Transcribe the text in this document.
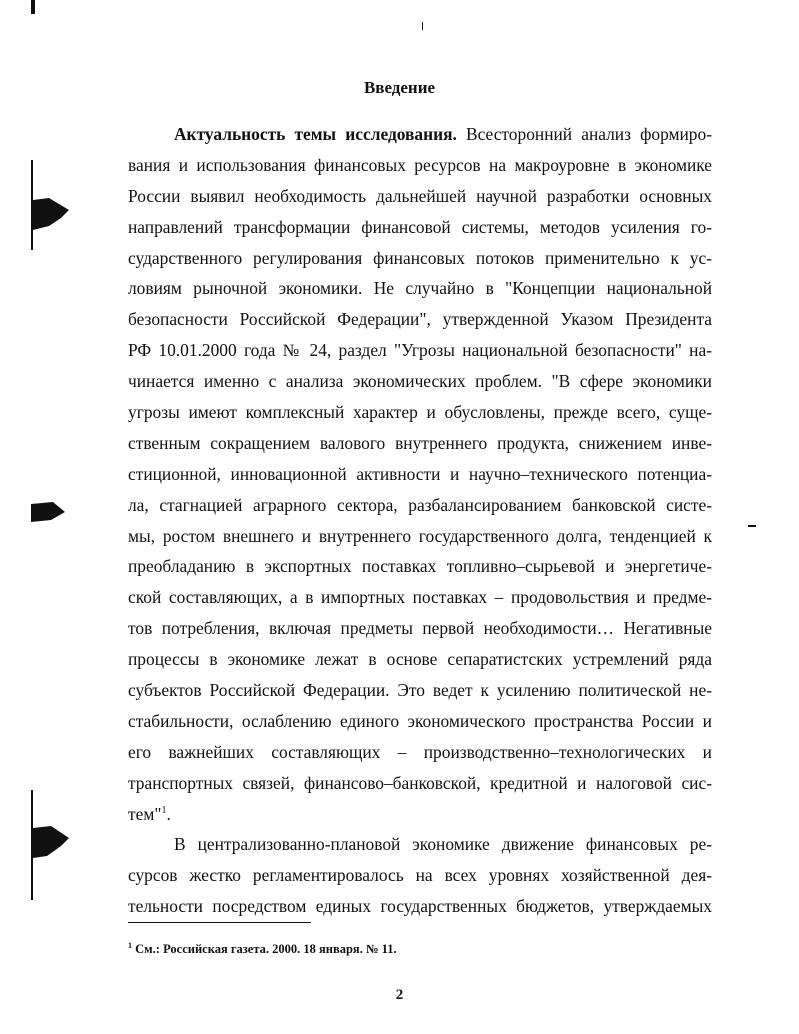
Введение
Актуальность темы исследования. Всесторонний анализ формиро-
вания и использования финансовых ресурсов на макроуровне в экономике
России выявил необходимость дальнейшей научной разработки основных
направлений трансформации финансовой системы, методов усиления го-
сударственного регулирования финансовых потоков применительно к ус-
ловиям рыночной экономики. Не случайно в "Концепции национальной
безопасности Российской Федерации", утвержденной Указом Президента
РФ 10.01.2000 года № 24, раздел "Угрозы национальной безопасности" на-
чинается именно с анализа экономических проблем. "В сфере экономики
угрозы имеют комплексный характер и обусловлены, прежде всего, суще-
ственным сокращением валового внутреннего продукта, снижением инве-
стиционной, инновационной активности и научно–технического потенциа-
ла, стагнацией аграрного сектора, разбалансированием банковской систе-
мы, ростом внешнего и внутреннего государственного долга, тенденцией к
преобладанию в экспортных поставках топливно–сырьевой и энергетиче-
ской составляющих, а в импортных поставках – продовольствия и предме-
тов потребления, включая предметы первой необходимости… Негативные
процессы в экономике лежат в основе сепаратистских устремлений ряда
субъектов Российской Федерации. Это ведет к усилению политической не-
стабильности, ослаблению единого экономического пространства России и
его важнейших составляющих – производственно–технологических и
транспортных связей, финансово–банковской, кредитной и налоговой сис-
тем"$^1$.
В централизованно-плановой экономике движение финансовых ре-
сурсов жестко регламентировалось на всех уровнях хозяйственной дея-
тельности посредством единых государственных бюджетов, утверждаемых
$^1$ См.: Российская газета. 2000. 18 января. № 11.
2
